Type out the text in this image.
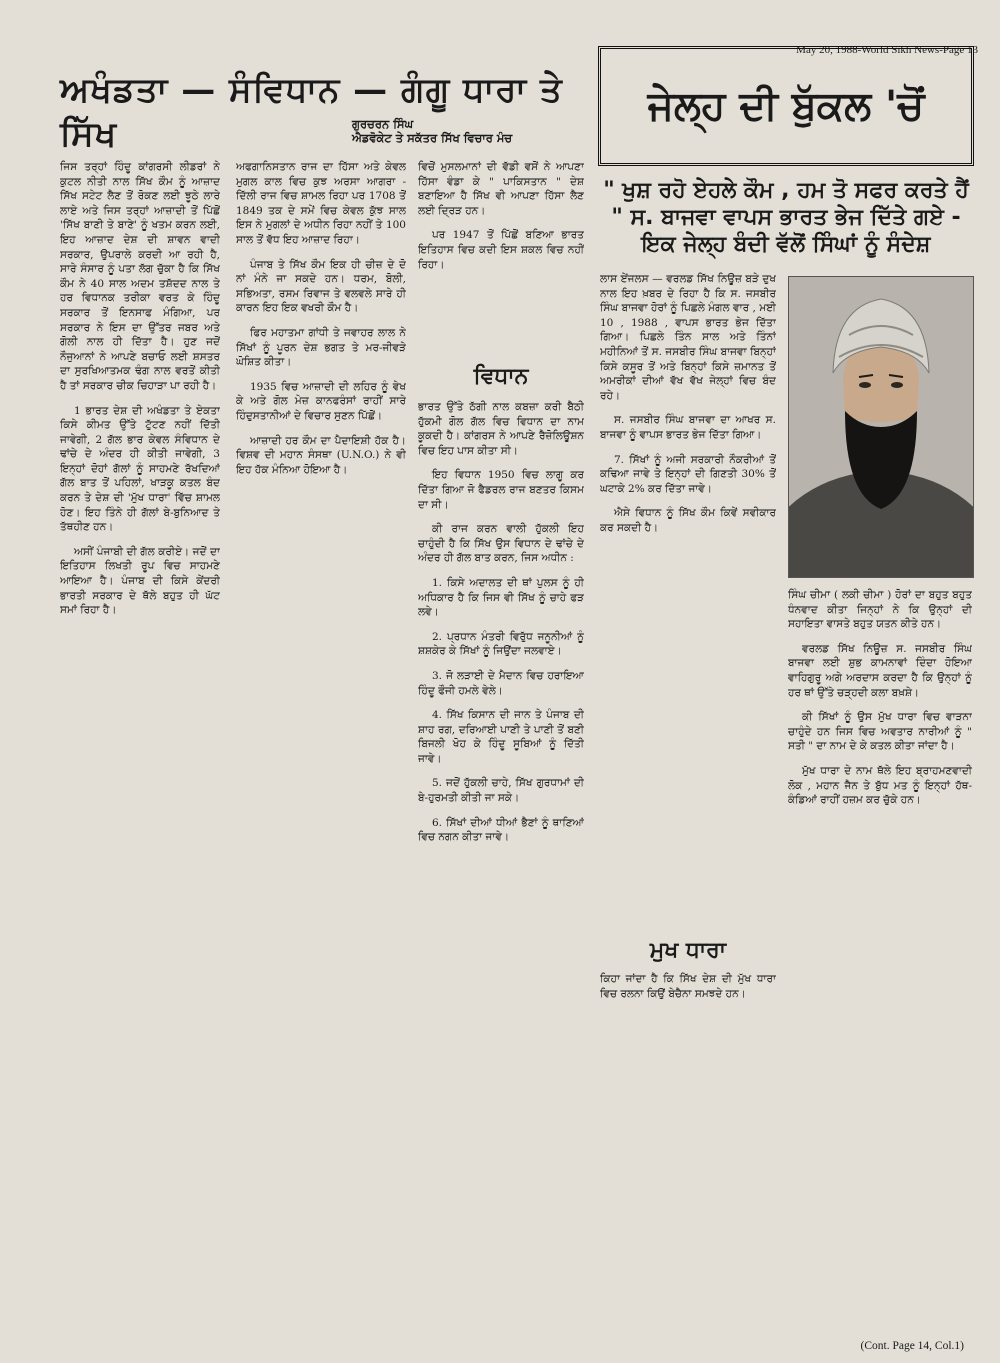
May 20, 1988-World Sikh News-Page 13
ਅਖੰਡਤਾ — ਸੰਵਿਧਾਨ — ਗੰਗੂ ਧਾਰਾ ਤੇ ਸਿੱਖ	ਗੁਰਚਰਨ ਸਿੰਘ
ਐਡਵੋਕੇਟ ਤੇ ਸਕੱਤਰ ਸਿੱਖ ਵਿਚਾਰ ਮੰਚ

ਜਿਸ ਤਰ੍ਹਾਂ ਹਿੰਦੂ ਕਾਂਗਰਸੀ ਲੀਡਰਾਂ ਨੇ ਕੁਟਲ ਨੀਤੀ ਨਾਲ ਸਿੱਖ ਕੌਮ ਨੂੰ ਆਜ਼ਾਦ ਸਿੱਖ ਸਟੇਟ ਲੈਣ ਤੋਂ ਰੋਕਣ ਲਈ ਝੂਠੇ ਲਾਰੇ ਲਾਏ ਅਤੇ ਜਿਸ ਤਰ੍ਹਾਂ ਆਜ਼ਾਦੀ ਤੋਂ ਪਿੱਛੋਂ 'ਸਿੱਖ ਬਾਣੀ ਤੇ ਬਾਣੇ' ਨੂੰ ਖਤਮ ਕਰਨ ਲਈ, ਇਹ ਆਜ਼ਾਦ ਦੇਸ਼ ਦੀ ਸ਼ਾਵਨ ਵਾਦੀ ਸਰਕਾਰ, ਉਪਰਾਲੇ ਕਰਦੀ ਆ ਰਹੀ ਹੈ, ਸਾਰੇ ਸੰਸਾਰ ਨੂੰ ਪਤਾ ਲੱਗ ਚੁੱਕਾ ਹੈ ਕਿ ਸਿੱਖ ਕੌਮ ਨੇ 40 ਸਾਲ ਅਦਮ ਤਸ਼ੱਦਦ ਨਾਲ ਤੇ ਹਰ ਵਿਧਾਨਕ ਤਰੀਕਾ ਵਰਤ ਕੇ ਹਿੰਦੂ ਸਰਕਾਰ ਤੋਂ ਇਨਸਾਫ ਮੰਗਿਆ, ਪਰ ਸਰਕਾਰ ਨੇ ਇਸ ਦਾ ਉੱਤਰ ਜਬਰ ਅਤੇ ਗੋਲੀ ਨਾਲ ਹੀ ਦਿੱਤਾ ਹੈ। ਹੁਣ ਜਦੋਂ ਨੌਜੁਆਨਾਂ ਨੇ ਆਪਣੇ ਬਚਾਓ ਲਈ ਸ਼ਸਤਰ ਦਾ ਸੁਰਖਿਆਤਮਕ ਢੰਗ ਨਾਲ ਵਰਤੋਂ ਕੀਤੀ ਹੈ ਤਾਂ ਸਰਕਾਰ ਚੀਕ ਚਿਹਾੜਾ ਪਾ ਰਹੀ ਹੈ।

1 ਭਾਰਤ ਦੇਸ਼ ਦੀ ਅਖੰਡਤਾ ਤੇ ਏਕਤਾ ਕਿਸੇ ਕੀਮਤ ਉੱਤੇ ਟੁੱਟਣ ਨਹੀਂ ਦਿੱਤੀ ਜਾਵੇਗੀ, 2 ਗੱਲ ਭਾਰ ਕੇਵਲ ਸੰਵਿਧਾਨ ਦੇ ਢਾਂਚੇ ਦੇ ਅੰਦਰ ਹੀ ਕੀਤੀ ਜਾਵੇਗੀ, 3 ਇਨ੍ਹਾਂ ਦੋਹਾਂ ਗੱਲਾਂ ਨੂੰ ਸਾਹਮਣੇ ਰੱਖਦਿਆਂ ਗੱਲ ਬਾਤ ਤੋਂ ਪਹਿਲਾਂ, ਖਾੜਕੂ ਕਤਲ ਬੰਦ ਕਰਨ ਤੇ ਦੇਸ਼ ਦੀ 'ਮੁੱਖ ਧਾਰਾ' ਵਿੱਚ ਸ਼ਾਮਲ ਹੋਣ। ਇਹ ਤਿੰਨੇ ਹੀ ਗੱਲਾਂ ਬੇ-ਬੁਨਿਆਦ ਤੇ ਤੱਥਹੀਣ ਹਨ।

ਅਸੀਂ ਪੰਜਾਬੀ ਦੀ ਗੱਲ ਕਰੀਏ। ਜਦੋਂ ਦਾ ਇਤਿਹਾਸ ਲਿਖਤੀ ਰੂਪ ਵਿਚ ਸਾਹਮਣੇ ਆਇਆ ਹੈ। ਪੰਜਾਬ ਦੀ ਕਿਸੇ ਕੇਂਦਰੀ ਭਾਰਤੀ ਸਰਕਾਰ ਦੇ ਥੱਲੇ ਬਹੁਤ ਹੀ ਘੱਟ ਸਮਾਂ ਰਿਹਾ ਹੈ।

ਅਫਗਾਨਿਸਤਾਨ ਰਾਜ ਦਾ ਹਿੱਸਾ ਅਤੇ ਕੇਵਲ ਮੁਗਲ ਕਾਲ ਵਿਚ ਕੁਝ ਅਰਸਾ ਆਗਰਾ - ਦਿੱਲੀ ਰਾਜ ਵਿਚ ਸ਼ਾਮਲ ਰਿਹਾ ਪਰ 1708 ਤੋਂ 1849 ਤਕ ਦੇ ਸਮੇਂ ਵਿਚ ਕੇਵਲ ਕੁੱਝ ਸਾਲ ਇਸ ਨੇ ਮੁਗਲਾਂ ਦੇ ਅਧੀਨ ਰਿਹਾ ਨਹੀਂ ਤੇ 100 ਸਾਲ ਤੋਂ ਵੱਧ ਇਹ ਆਜ਼ਾਦ ਰਿਹਾ।

ਪੰਜਾਬ ਤੇ ਸਿੱਖ ਕੌਮ ਇਕ ਹੀ ਚੀਜ਼ ਦੇ ਦੋ ਨਾਂ ਮੰਨੇ ਜਾ ਸਕਦੇ ਹਨ। ਧਰਮ, ਬੋਲੀ, ਸਭਿਅਤਾ, ਰਸਮ ਰਿਵਾਜ ਤੇ ਵਲਵਲੇ ਸਾਰੇ ਹੀ ਕਾਰਨ ਇਹ ਇਕ ਵਖਰੀ ਕੌਮ ਹੈ।

ਫਿਰ ਮਹਾਤਮਾ ਗਾਂਧੀ ਤੇ ਜਵਾਹਰ ਲਾਲ ਨੇ ਸਿੱਖਾਂ ਨੂੰ ਪੂਰਨ ਦੇਸ਼ ਭਗਤ ਤੇ ਮਰ-ਜੀਵੜੇ ਘੋਸ਼ਿਤ ਕੀਤਾ।

1935 ਵਿਚ ਆਜ਼ਾਦੀ ਦੀ ਲਹਿਰ ਨੂੰ ਵੇਖ ਕੇ ਅਤੇ ਗੋਲ ਮੇਜ਼ ਕਾਨਫਰੰਸਾਂ ਰਾਹੀਂ ਸਾਰੇ ਹਿੰਦੁਸਤਾਨੀਆਂ ਦੇ ਵਿਚਾਰ ਸੁਣਨ ਪਿੱਛੋਂ।

ਆਜ਼ਾਦੀ ਹਰ ਕੌਮ ਦਾ ਪੈਦਾਇਸ਼ੀ ਹੱਕ ਹੈ। ਵਿਸ਼ਵ ਦੀ ਮਹਾਨ ਸੰਸਥਾ (U.N.O.) ਨੇ ਵੀ ਇਹ ਹੱਕ ਮੰਨਿਆ ਹੋਇਆ ਹੈ।

ਵਿਚੋਂ ਮੁਸਲਮਾਨਾਂ ਦੀ ਵੱਡੀ ਵਸੋਂ ਨੇ ਆਪਣਾ ਹਿੱਸਾ ਵੰਡਾ ਕੇ " ਪਾਕਿਸਤਾਨ " ਦੇਸ਼ ਬਣਾਇਆ ਹੈ ਸਿੱਖ ਵੀ ਆਪਣਾ ਹਿੱਸਾ ਲੈਣ ਲਈ ਦ੍ਰਿੜ ਹਨ।

ਪਰ 1947 ਤੋਂ ਪਿੱਛੋਂ ਬਣਿਆ ਭਾਰਤ ਇਤਿਹਾਸ ਵਿਚ ਕਦੀ ਇਸ ਸ਼ਕਲ ਵਿਚ ਨਹੀਂ ਰਿਹਾ।

ਵਿਧਾਨ

ਭਾਰਤ ਉੱਤੇ ਠੱਗੀ ਨਾਲ ਕਬਜ਼ਾ ਕਰੀ ਬੈਠੀ ਹੁੱਕਮੀ ਗੋਲ ਗੱਲ ਵਿਚ ਵਿਧਾਨ ਦਾ ਨਾਮ ਕੂਕਦੀ ਹੈ। ਕਾਂਗਰਸ ਨੇ ਆਪਣੇ ਰੈਜ਼ੋਲਿਊਸ਼ਨ ਵਿਚ ਇਹ ਪਾਸ ਕੀਤਾ ਸੀ।

ਇਹ ਵਿਧਾਨ 1950 ਵਿਚ ਲਾਗੂ ਕਰ ਦਿੱਤਾ ਗਿਆ ਜੋ ਫੈਡਰਲ ਰਾਜ ਬਣਤਰ ਕਿਸਮ ਦਾ ਸੀ।

ਕੀ ਰਾਜ ਕਰਨ ਵਾਲੀ ਹੁੱਕਲੀ ਇਹ ਚਾਹੁੰਦੀ ਹੈ ਕਿ ਸਿੱਖ ਉਸ ਵਿਧਾਨ ਦੇ ਢਾਂਚੇ ਦੇ ਅੰਦਰ ਹੀ ਗੱਲ ਬਾਤ ਕਰਨ, ਜਿਸ ਅਧੀਨ :

1. ਕਿਸੇ ਅਦਾਲਤ ਦੀ ਥਾਂ ਪੁਲਸ ਨੂੰ ਹੀ ਅਧਿਕਾਰ ਹੈ ਕਿ ਜਿਸ ਵੀ ਸਿੱਖ ਨੂੰ ਚਾਹੇ ਫੜ ਲਵੇ।

2. ਪ੍ਰਧਾਨ ਮੰਤਰੀ ਵਿਰੁੱਧ ਜਨੂਨੀਆਂ ਨੂੰ ਸ਼ਸ਼ਕੇਰ ਕੇ ਸਿੱਖਾਂ ਨੂੰ ਜਿਉਂਦਾ ਜਲਵਾਏ।

3. ਜੋ ਲੜਾਈ ਦੇ ਮੈਦਾਨ ਵਿਚ ਹਰਾਇਆ ਹਿੰਦੂ ਫੌਜੀ ਹਮਲੇ ਵੇਲੇ।

4. ਸਿੱਖ ਕਿਸਾਨ ਦੀ ਜਾਨ ਤੇ ਪੰਜਾਬ ਦੀ ਸ਼ਾਹ ਰਗ, ਦਰਿਆਈ ਪਾਣੀ ਤੇ ਪਾਣੀ ਤੋਂ ਬਣੀ ਬਿਜਲੀ ਖੋਹ ਕੇ ਹਿੰਦੂ ਸੂਬਿਆਂ ਨੂੰ ਦਿੱਤੀ ਜਾਵੇ।

5. ਜਦੋਂ ਹੁੱਕਲੀ ਚਾਹੇ, ਸਿੱਖ ਗੁਰਧਾਮਾਂ ਦੀ ਬੇ-ਹੁਰਮਤੀ ਕੀਤੀ ਜਾ ਸਕੇ।

6. ਸਿੱਖਾਂ ਦੀਆਂ ਧੀਆਂ ਭੈਣਾਂ ਨੂੰ ਥਾਣਿਆਂ ਵਿਚ ਨਗਨ ਕੀਤਾ ਜਾਵੇ।

ਜੇਲ੍ਹ ਦੀ ਬੁੱਕਲ 'ਚੋਂ
" ਖੁਸ਼ ਰਹੋ ਏਹਲੇ ਕੌਮ , ਹਮ ਤੋ ਸਫਰ ਕਰਤੇ ਹੈਂ " ਸ. ਬਾਜਵਾ ਵਾਪਸ ਭਾਰਤ ਭੇਜ ਦਿੱਤੇ ਗਏ - ਇਕ ਜੇਲ੍ਹ ਬੰਦੀ ਵੱਲੋਂ ਸਿੰਘਾਂ ਨੂੰ ਸੰਦੇਸ਼

ਲਾਸ ਏਂਜਲਸ — ਵਰਲਡ ਸਿੱਖ ਨਿਊਜ਼ ਬੜੇ ਦੁਖ ਨਾਲ ਇਹ ਖ਼ਬਰ ਦੇ ਰਿਹਾ ਹੈ ਕਿ ਸ. ਜਸਬੀਰ ਸਿੰਘ ਬਾਜਵਾ ਹੋਰਾਂ ਨੂੰ ਪਿਛਲੇ ਮੰਗਲ ਵਾਰ , ਮਈ 10 , 1988 , ਵਾਪਸ ਭਾਰਤ ਭੇਜ ਦਿੱਤਾ ਗਿਆ। ਪਿਛਲੇ ਤਿੰਨ ਸਾਲ ਅਤੇ ਤਿੰਨਾਂ ਮਹੀਨਿਆਂ ਤੋਂ ਸ. ਜਸਬੀਰ ਸਿੰਘ ਬਾਜਵਾ ਬਿਨ੍ਹਾਂ ਕਿਸੇ ਕਸੂਰ ਤੋਂ ਅਤੇ ਬਿਨ੍ਹਾਂ ਕਿਸੇ ਜ਼ਮਾਨਤ ਤੋਂ ਅਮਰੀਕਾਂ ਦੀਆਂ ਵੱਖ ਵੱਖ ਜੇਲ੍ਹਾਂ ਵਿਚ ਬੰਦ ਰਹੇ।

ਸ. ਜਸਬੀਰ ਸਿੰਘ ਬਾਜਵਾ ਦਾ ਆਖਰ ਸ. ਬਾਜਵਾ ਨੂੰ ਵਾਪਸ ਭਾਰਤ ਭੇਜ ਦਿੱਤਾ ਗਿਆ।

7. ਸਿੱਖਾਂ ਨੂੰ ਅਜੀ ਸਰਕਾਰੀ ਨੌਕਰੀਆਂ ਤੋਂ ਕਢਿਆ ਜਾਵੇ ਤੇ ਇਨ੍ਹਾਂ ਦੀ ਗਿਣਤੀ 30% ਤੋਂ ਘਟਾਕੇ 2% ਕਰ ਦਿੱਤਾ ਜਾਵੇ।

ਐਸੇ ਵਿਧਾਨ ਨੂੰ ਸਿੱਖ ਕੌਮ ਕਿਵੇਂ ਸਵੀਕਾਰ ਕਰ ਸਕਦੀ ਹੈ।

ਮੁਖ ਧਾਰਾ

ਕਿਹਾ ਜਾਂਦਾ ਹੈ ਕਿ ਸਿੱਖ ਦੇਸ਼ ਦੀ ਮੁੱਖ ਧਾਰਾ ਵਿਚ ਰਲਨਾ ਕਿਉਂ ਬੇਚੈਨਾ ਸਮਝਦੇ ਹਨ।

ਸਿੰਘ ਚੀਮਾ ( ਲਕੀ ਚੀਮਾ ) ਹੋਰਾਂ ਦਾ ਬਹੁਤ ਬਹੁਤ ਧੰਨਵਾਦ ਕੀਤਾ ਜਿਨ੍ਹਾਂ ਨੇ ਕਿ ਉਨ੍ਹਾਂ ਦੀ ਸਹਾਇਤਾ ਵਾਸਤੇ ਬਹੁਤ ਯਤਨ ਕੀਤੇ ਹਨ।

ਵਰਲਡ ਸਿੱਖ ਨਿਊਜ਼ ਸ. ਜਸਬੀਰ ਸਿੰਘ ਬਾਜਵਾ ਲਈ ਸ਼ੁਭ ਕਾਮਨਾਵਾਂ ਦਿੰਦਾ ਹੋਇਆ ਵਾਹਿਗੁਰੂ ਅਗੇ ਅਰਦਾਸ ਕਰਦਾ ਹੈ ਕਿ ਉਨ੍ਹਾਂ ਨੂੰ ਹਰ ਥਾਂ ਉੱਤੇ ਚੜ੍ਹਦੀ ਕਲਾ ਬਖ਼ਸ਼ੇ।

ਕੀ ਸਿੱਖਾਂ ਨੂੰ ਉਸ ਮੁੱਖ ਧਾਰਾ ਵਿਚ ਵਾੜਨਾ ਚਾਹੁੰਦੇ ਹਨ ਜਿਸ ਵਿਚ ਅਵਤਾਰ ਨਾਰੀਆਂ ਨੂੰ " ਸਤੀ " ਦਾ ਨਾਮ ਦੇ ਕੇ ਕਤਲ ਕੀਤਾ ਜਾਂਦਾ ਹੈ।

ਮੁੱਖ ਧਾਰਾ ਦੇ ਨਾਮ ਥੱਲੇ ਇਹ ਬ੍ਰਾਹਮਣਵਾਦੀ ਲੋਕ , ਮਹਾਨ ਜੈਨ ਤੇ ਬੁੱਧ ਮਤ ਨੂੰ ਇਨ੍ਹਾਂ ਹੱਥ-ਕੰਡਿਆਂ ਰਾਹੀਂ ਹਜ਼ਮ ਕਰ ਚੁੱਕੇ ਹਨ।

(Cont. Page 14, Col.1)
